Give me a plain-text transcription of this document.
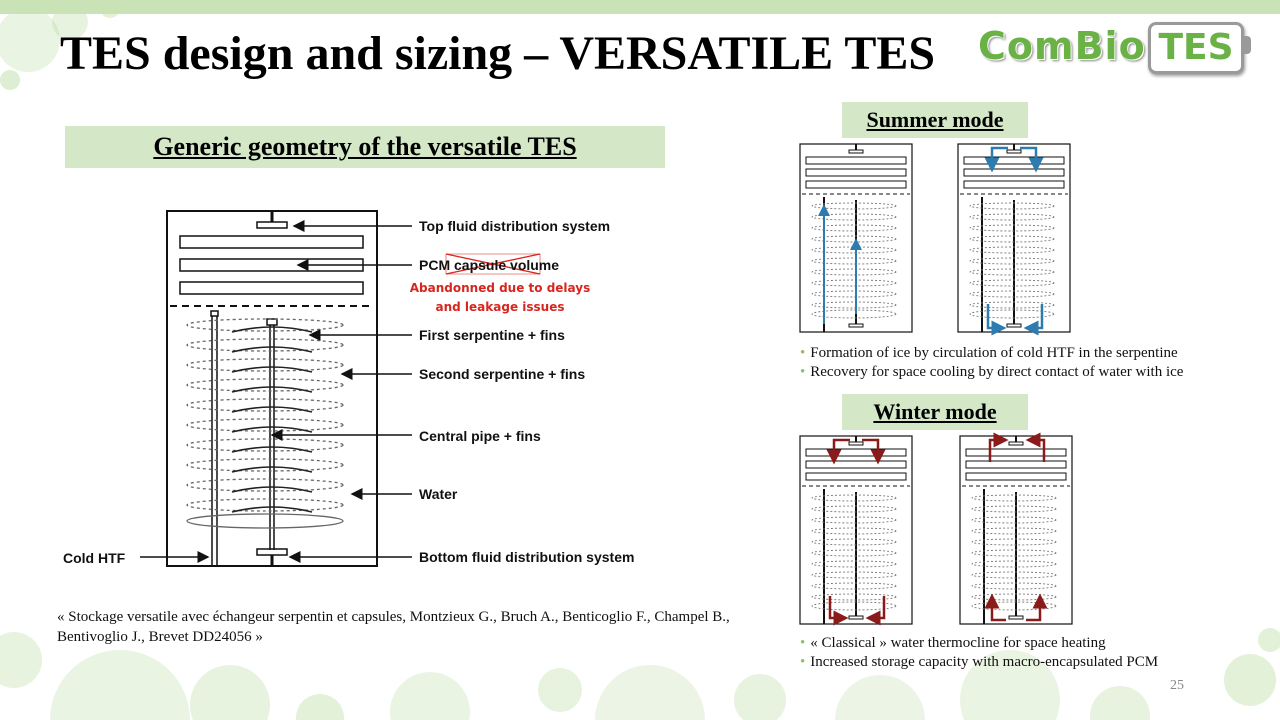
TES design and sizing – VERSATILE TES ComBio TES
Generic geometry of the versatile TES
Top fluid distribution system
PCM capsule volume
Abandonned due to delays
and leakage issues
First serpentine + fins
Second serpentine + fins
Central pipe + fins
Water
Cold HTF	Bottom fluid distribution system
Summer mode
Winter mode
• Formation of ice by circulation of cold HTF in the serpentine
• Recovery for space cooling by direct contact of water with ice
• « Classical » water thermocline for space heating
• Increased storage capacity with macro-encapsulated PCM
« Stockage versatile avec échangeur serpentin et capsules, Montzieux G., Bruch A., Benticoglio F., Champel B., Bentivoglio J., Brevet DD24056 »
25
